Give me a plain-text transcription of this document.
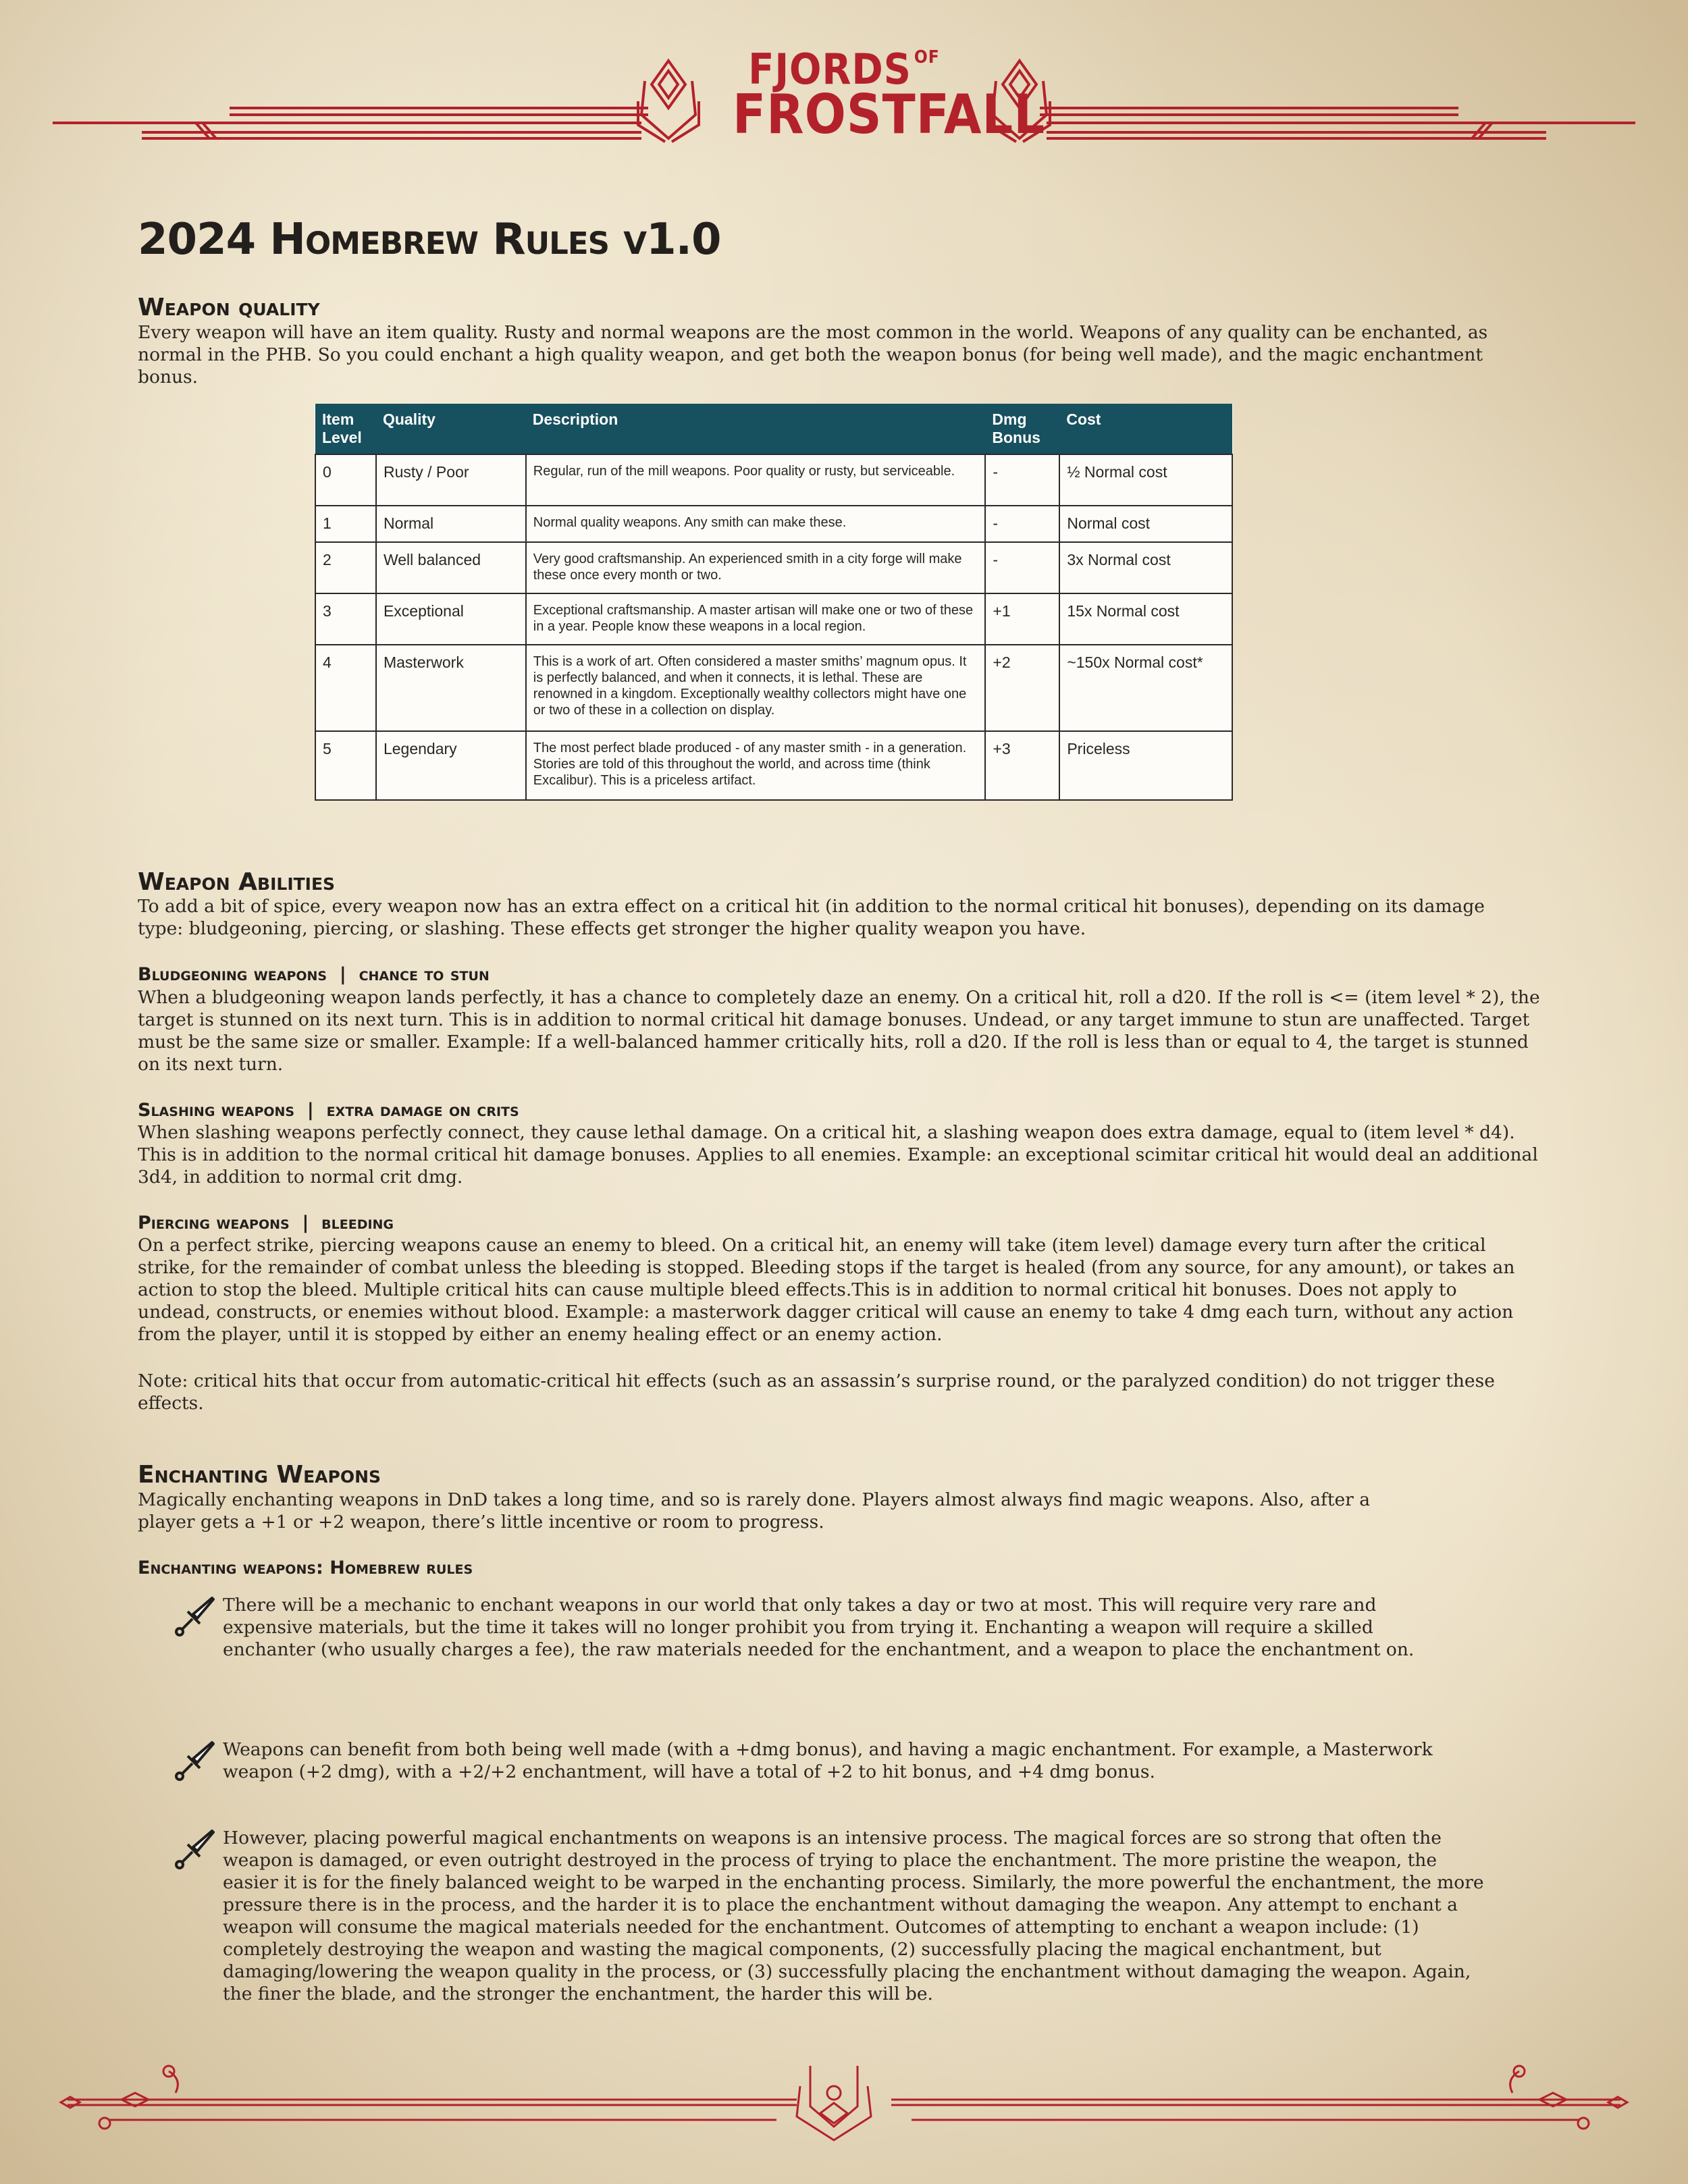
FJORDS $^{OF}$
FROSTFALL
2024 Homebrew Rules v1.0
Weapon quality

Every weapon will have an item quality. Rusty and normal weapons are the most common in the world. Weapons of any quality can be enchanted, as normal in the PHB. So you could enchant a high quality weapon, and get both the weapon bonus (for being well made), and the magic enchantment bonus.

Weapon Abilities

To add a bit of spice, every weapon now has an extra effect on a critical hit (in addition to the normal critical hit bonuses), depending on its damage type: bludgeoning, piercing, or slashing. These effects get stronger the higher quality weapon you have.

Bludgeoning weapons  |  chance to stun

When a bludgeoning weapon lands perfectly, it has a chance to completely daze an enemy. On a critical hit, roll a d20. If the roll is <= (item level * 2), the target is stunned on its next turn. This is in addition to normal critical hit damage bonuses. Undead, or any target immune to stun are unaffected. Target must be the same size or smaller. Example: If a well-balanced hammer critically hits, roll a d20. If the roll is less than or equal to 4, the target is stunned on its next turn.

Slashing weapons  |  extra damage on crits

When slashing weapons perfectly connect, they cause lethal damage. On a critical hit, a slashing weapon does extra damage, equal to (item level * d4). This is in addition to the normal critical hit damage bonuses. Applies to all enemies. Example: an exceptional scimitar critical hit would deal an additional 3d4, in addition to normal crit dmg.

Piercing weapons  |  bleeding

On a perfect strike, piercing weapons cause an enemy to bleed. On a critical hit, an enemy will take (item level) damage every turn after the critical strike, for the remainder of combat unless the bleeding is stopped. Bleeding stops if the target is healed (from any source, for any amount), or takes an action to stop the bleed. Multiple critical hits can cause multiple bleed effects.This is in addition to normal critical hit bonuses. Does not apply to undead, constructs, or enemies without blood. Example: a masterwork dagger critical will cause an enemy to take 4 dmg each turn, without any action from the player, until it is stopped by either an enemy healing effect or an enemy action.

Note: critical hits that occur from automatic-critical hit effects (such as an assassin’s surprise round, or the paralyzed condition) do not trigger these effects.

Enchanting Weapons

Magically enchanting weapons in DnD takes a long time, and so is rarely done. Players almost always find magic weapons. Also, after a player gets a +1 or +2 weapon, there’s little incentive or room to progress.

Enchanting weapons: Homebrew rules

There will be a mechanic to enchant weapons in our world that only takes a day or two at most. This will require very rare and expensive materials, but the time it takes will no longer prohibit you from trying it. Enchanting a weapon will require a skilled enchanter (who usually charges a fee), the raw materials needed for the enchantment, and a weapon to place the enchantment on.

Weapons can benefit from both being well made (with a +dmg bonus), and having a magic enchantment. For example, a Masterwork weapon (+2 dmg), with a +2/+2 enchantment, will have a total of +2 to hit bonus, and +4 dmg bonus.

However, placing powerful magical enchantments on weapons is an intensive process. The magical forces are so strong that often the weapon is damaged, or even outright destroyed in the process of trying to place the enchantment. The more pristine the weapon, the easier it is for the finely balanced weight to be warped in the enchanting process. Similarly, the more powerful the enchantment, the more pressure there is in the process, and the harder it is to place the enchantment without damaging the weapon. Any attempt to enchant a weapon will consume the magical materials needed for the enchantment. Outcomes of attempting to enchant a weapon include: (1) completely destroying the weapon and wasting the magical components, (2) successfully placing the magical enchantment, but damaging/lowering the weapon quality in the process, or (3) successfully placing the enchantment without damaging the weapon. Again, the finer the blade, and the stronger the enchantment, the harder this will be.

Item Level	Quality	Description	Dmg Bonus	Cost
0	Rusty / Poor	Regular, run of the mill weapons. Poor quality or rusty, but serviceable.	-	½ Normal cost
1	Normal	Normal quality weapons. Any smith can make these.	-	Normal cost
2	Well balanced	Very good craftsmanship. An experienced smith in a city forge will make these once every month or two.	-	3x Normal cost
3	Exceptional	Exceptional craftsmanship. A master artisan will make one or two of these in a year. People know these weapons in a local region.	+1	15x Normal cost
4	Masterwork	This is a work of art. Often considered a master smiths’ magnum opus. It is perfectly balanced, and when it connects, it is lethal. These are renowned in a kingdom. Exceptionally wealthy collectors might have one or two of these in a collection on display.	+2	~150x Normal cost*
5	Legendary	The most perfect blade produced - of any master smith - in a generation. Stories are told of this throughout the world, and across time (think Excalibur). This is a priceless artifact.	+3	Priceless
